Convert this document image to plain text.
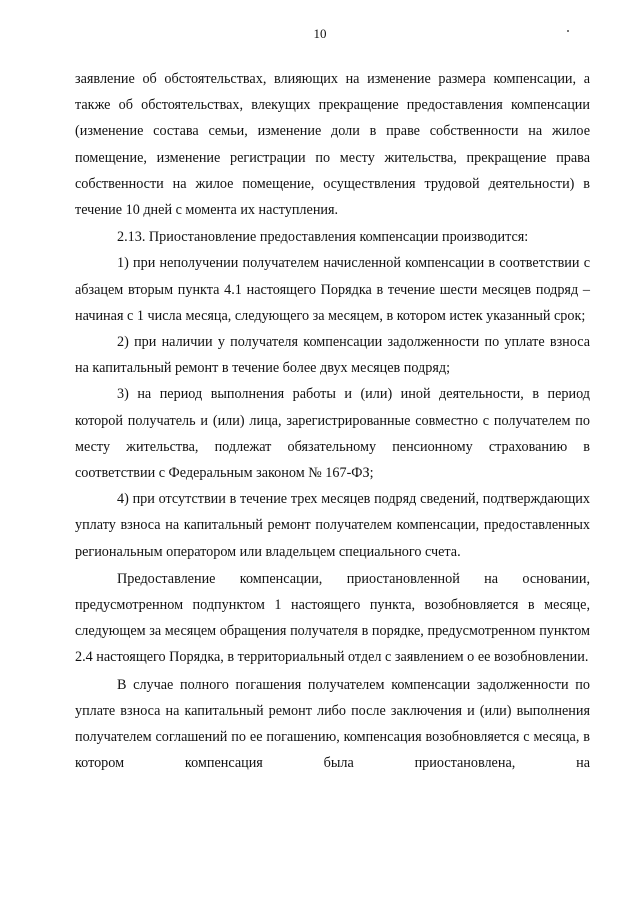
10

заявление об обстоятельствах, влияющих на изменение размера компенсации, а также об обстоятельствах, влекущих прекращение предоставления компенсации (изменение состава семьи, изменение доли в праве собственности на жилое помещение, изменение регистрации по месту жительства, прекращение права собственности на жилое помещение, осуществления трудовой деятельности) в течение 10 дней с момента их наступления.

2.13. Приостановление предоставления компенсации производится:

1) при неполучении получателем начисленной компенсации в соответствии с абзацем вторым пункта 4.1 настоящего Порядка в течение шести месяцев подряд – начиная с 1 числа месяца, следующего за месяцем, в котором истек указанный срок;

2) при наличии у получателя компенсации задолженности по уплате взноса на капитальный ремонт в течение более двух месяцев подряд;

3) на период выполнения работы и (или) иной деятельности, в период которой получатель и (или) лица, зарегистрированные совместно с получателем по месту жительства, подлежат обязательному пенсионному страхованию в соответствии с Федеральным законом № 167-ФЗ;

4) при отсутствии в течение трех месяцев подряд сведений, подтверждающих уплату взноса на капитальный ремонт получателем компенсации, предоставленных региональным оператором или владельцем специального счета.

Предоставление компенсации, приостановленной на основании, предусмотренном подпунктом 1 настоящего пункта, возобновляется в месяце, следующем за месяцем обращения получателя в порядке, предусмотренном пунктом 2.4 настоящего Порядка, в территориальный отдел с заявлением о ее возобновлении.

В случае полного погашения получателем компенсации задолженности по уплате взноса на капитальный ремонт либо после заключения и (или) выполнения получателем соглашений по ее погашению, компенсация возобновляется с месяца, в котором компенсация была приостановлена, на
